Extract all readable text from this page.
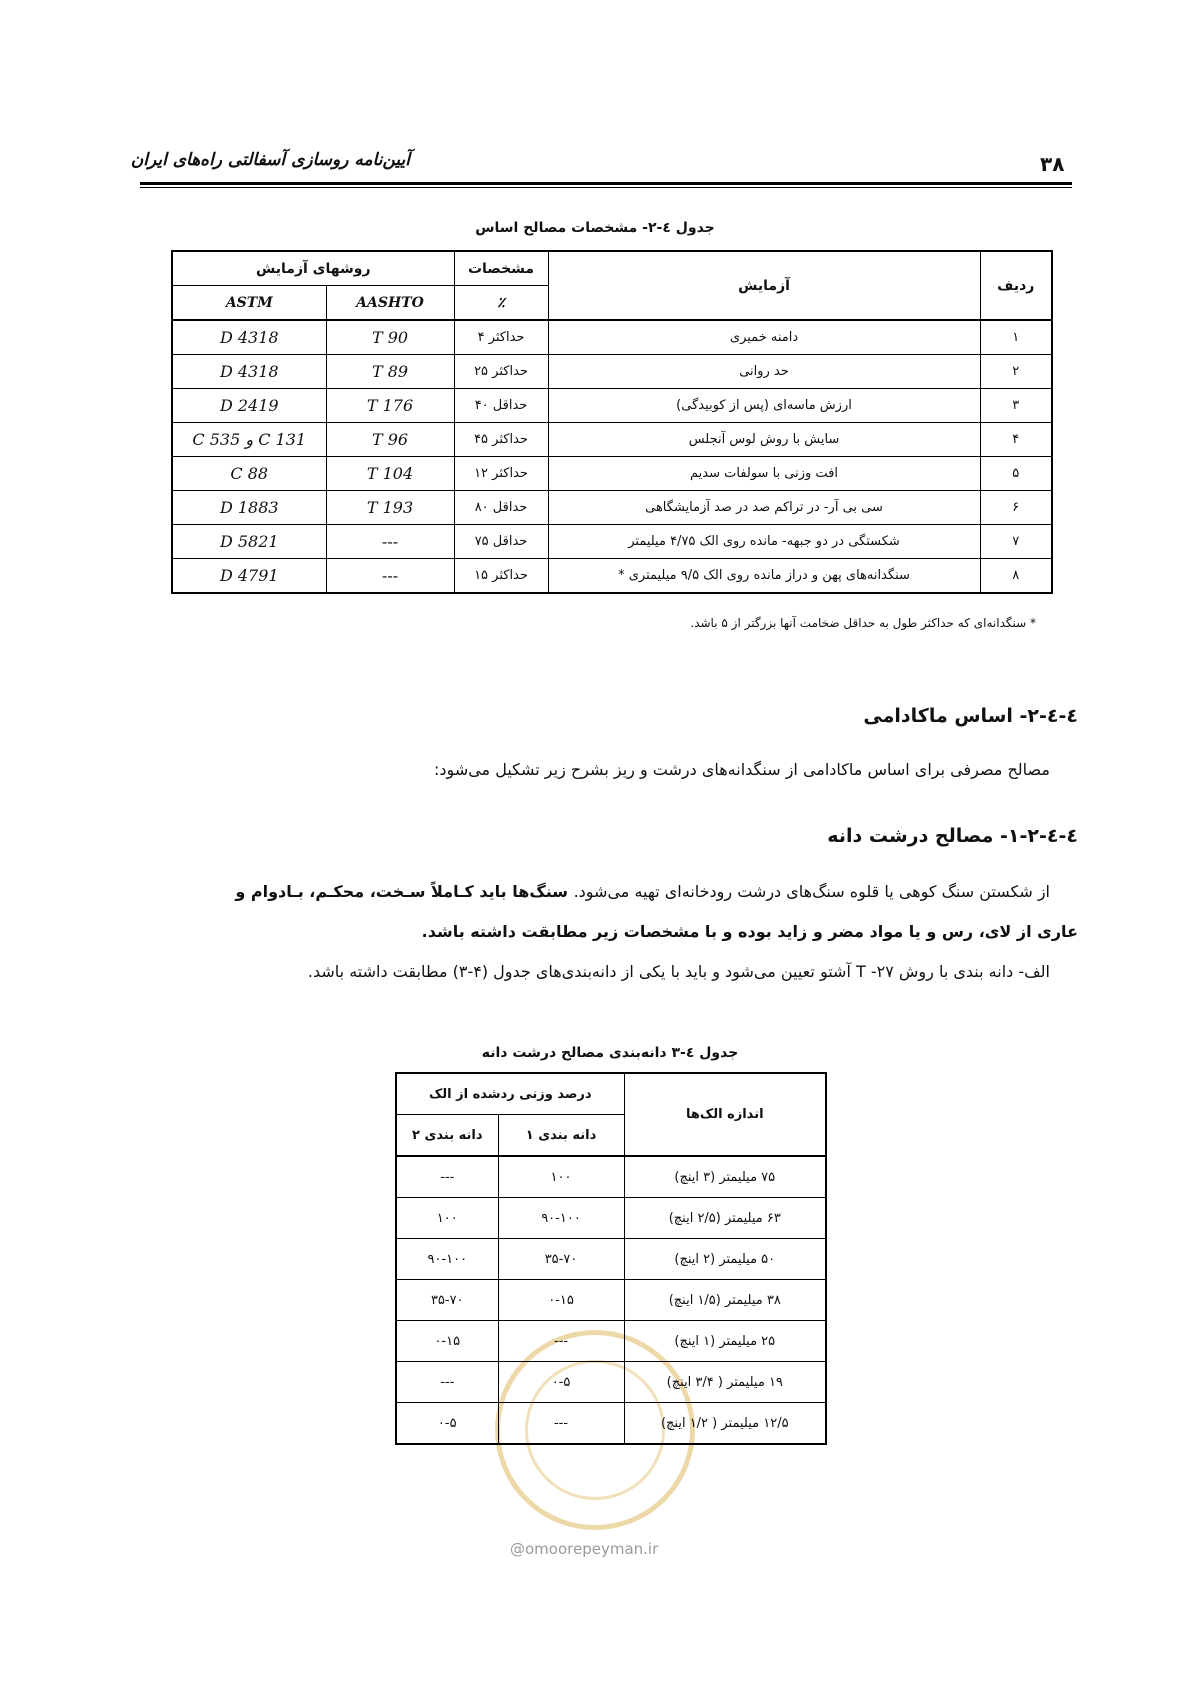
آیین‌نامه روسازی آسفالتی راه‌های ایران	۳۸
جدول ٤-٢- مشخصات مصالح اساس
ردیف	آزمایش	مشخصات	روشهای آزمایش	
		٪	AASHTO	ASTM
۱	دامنه خمیری	حداکثر ۴	T 90	D 4318
۲	حد روانی	حداکثر ۲۵	T 89	D 4318
۳	ارزش ماسه‌ای (پس از کوبیدگی)	حداقل ۴۰	T 176	D 2419
۴	سایش با روش لوس آنجلس	حداکثر ۴۵	T 96	C 131 و C 535
۵	افت وزنی با سولفات سدیم	حداکثر ۱۲	T 104	C 88
۶	سی بی آر- در تراکم صد در صد آزمایشگاهی	حداقل ۸۰	T 193	D 1883
۷	شکستگی در دو جبهه- مانده روی الک ۴/۷۵ میلیمتر	حداقل ۷۵	---	D 5821
۸	سنگدانه‌های پهن و دراز مانده روی الک ۹/۵ میلیمتری *	حداکثر ۱۵	---	D 4791
* سنگدانه‌ای که حداکثر طول به حداقل ضخامت آنها بزرگتر از ۵ باشد.
٤-٤-٢- اساس ماکادامی
مصالح مصرفی برای اساس ماکادامی از سنگدانه‌های درشت و ریز بشرح زیر تشکیل می‌شود:
٤-٤-٢-١- مصالح درشت دانه
از شکستن سنگ کوهی یا قلوه سنگ‌های درشت رودخانه‌ای تهیه می‌شود. سنگ‌ها باید کـاملاً سـخت، محکـم، بـادوام و
عاری از لای، رس و یا مواد مضر و زاید بوده و با مشخصات زیر مطابقت داشته باشد.
الف- دانه بندی با روش ۲۷- T آشتو تعیین می‌شود و باید با یکی از دانه‌بندی‌های جدول (۴-۳) مطابقت داشته باشد.
جدول ٤-٣ دانه‌بندی مصالح درشت دانه
اندازه الک‌ها	درصد وزنی ردشده از الک	
	دانه بندی ۱	دانه بندی ۲
۷۵ میلیمتر (۳ اینچ)	۱۰۰	---
۶۳ میلیمتر (۲/۵ اینچ)	۹۰-۱۰۰	۱۰۰
۵۰ میلیمتر (۲ اینچ)	۳۵-۷۰	۹۰-۱۰۰
۳۸ میلیمتر (۱/۵ اینچ)	۰-۱۵	۳۵-۷۰
۲۵ میلیمتر (۱ اینچ)	---	۰-۱۵
۱۹ میلیمتر ( ۳/۴ اینچ)	۰-۵	---
۱۲/۵ میلیمتر ( ۱/۲ اینچ)	---	۰-۵
@omoorepeyman.ir
